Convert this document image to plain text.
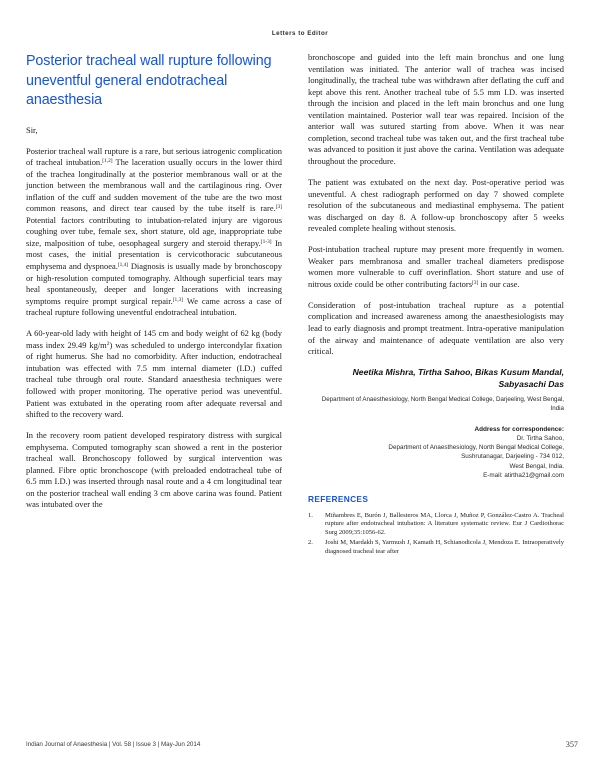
Letters to Editor
Posterior tracheal wall rupture following uneventful general endotracheal anaesthesia

Sir,

Posterior tracheal wall rupture is a rare, but serious iatrogenic complication of tracheal intubation.[1,2] The laceration usually occurs in the lower third of the trachea longitudinally at the posterior membranous wall or at the junction between the membranous wall and the cartilaginous ring. Over inflation of the cuff and sudden movement of the tube are the two most common reasons, and direct tear caused by the tube itself is rare.[3] Potential factors contributing to intubation-related injury are vigorous coughing over tube, female sex, short stature, old age, inappropriate tube size, malposition of tube, oesophageal surgery and steroid therapy.[1-3] In most cases, the initial presentation is cervicothoracic subcutaneous emphysema and dyspnoea.[1,4] Diagnosis is usually made by bronchoscopy or high-resolution computed tomography. Although superficial tears may heal spontaneously, deeper and longer lacerations with increasing symptoms require prompt surgical repair.[1,3] We came across a case of tracheal rupture following uneventful endotracheal intubation.

A 60-year-old lady with height of 145 cm and body weight of 62 kg (body mass index 29.49 $kg/m^2$) was scheduled to undergo intercondylar fixation of right humerus. She had no comorbidity. After induction, endotracheal intubation was effected with 7.5 mm internal diameter (I.D.) cuffed tracheal tube through oral route. Standard anaesthesia techniques were followed with proper monitoring. The operative period was uneventful. Patient was extubated in the operating room after adequate reversal and shifted to the recovery ward.

In the recovery room patient developed respiratory distress with surgical emphysema. Computed tomography scan showed a rent in the posterior tracheal wall. Bronchoscopy followed by surgical intervention was planned. Fibre optic bronchoscope (with preloaded endotracheal tube of 6.5 mm I.D.) was inserted through nasal route and a 4 cm longitudinal tear on the posterior tracheal wall ending 3 cm above carina was found. Patient was intubated over the

bronchoscope and guided into the left main bronchus and one lung ventilation was initiated. The anterior wall of trachea was incised longitudinally, the tracheal tube was withdrawn after deflating the cuff and kept above this rent. Another tracheal tube of 5.5 mm I.D. was inserted through the incision and placed in the left main bronchus and one lung ventilation maintained. Posterior wall tear was repaired. Incision of the anterior wall was sutured starting from above. When it was near completion, second tracheal tube was taken out, and the first tracheal tube was advanced to position it just above the carina. Ventilation was adequate throughout the procedure.

The patient was extubated on the next day. Post-operative period was uneventful. A chest radiograph performed on day 7 showed complete resolution of the subcutaneous and mediastinal emphysema. The patient was discharged on day 8. A follow-up bronchoscopy after 5 weeks revealed complete healing without stenosis.

Post-intubation tracheal rupture may present more frequently in women. Weaker pars membranosa and smaller tracheal diameters predispose women more vulnerable to cuff overinflation. Short stature and use of nitrous oxide could be other contributing factors[3] in our case.

Consideration of post-intubation tracheal rupture as a potential complication and increased awareness among the anaesthesiologists may lead to early diagnosis and prompt treatment. Intra-operative manipulation of the airway and maintenance of adequate ventilation are also very critical.

Neetika Mishra, Tirtha Sahoo, Bikas Kusum Mandal, Sabyasachi Das
Department of Anaesthesiology, North Bengal Medical College, Darjeeling, West Bengal, India
Address for correspondence:
Dr. Tirtha Sahoo,
Department of Anaesthesiology, North Bengal Medical College,
Sushrutanagar, Darjeeling - 734 012,
West Bengal, India.
E-mail: atirtha21@gmail.com
REFERENCES
1.	Miñambres E, Burón J, Ballesteros MA, Llorca J, Muñoz P, González-Castro A. Tracheal rupture after endotracheal intubation: A literature systematic review. Eur J Cardiothorac Surg 2009;35:1056-62.
2.	Joshi M, Mardakh S, Yarmush J, Kamath H, Schianodicola J, Mendoza E. Intraoperatively diagnosed tracheal tear after
Indian Journal of Anaesthesia | Vol. 58 | Issue 3 | May-Jun 2014	357
